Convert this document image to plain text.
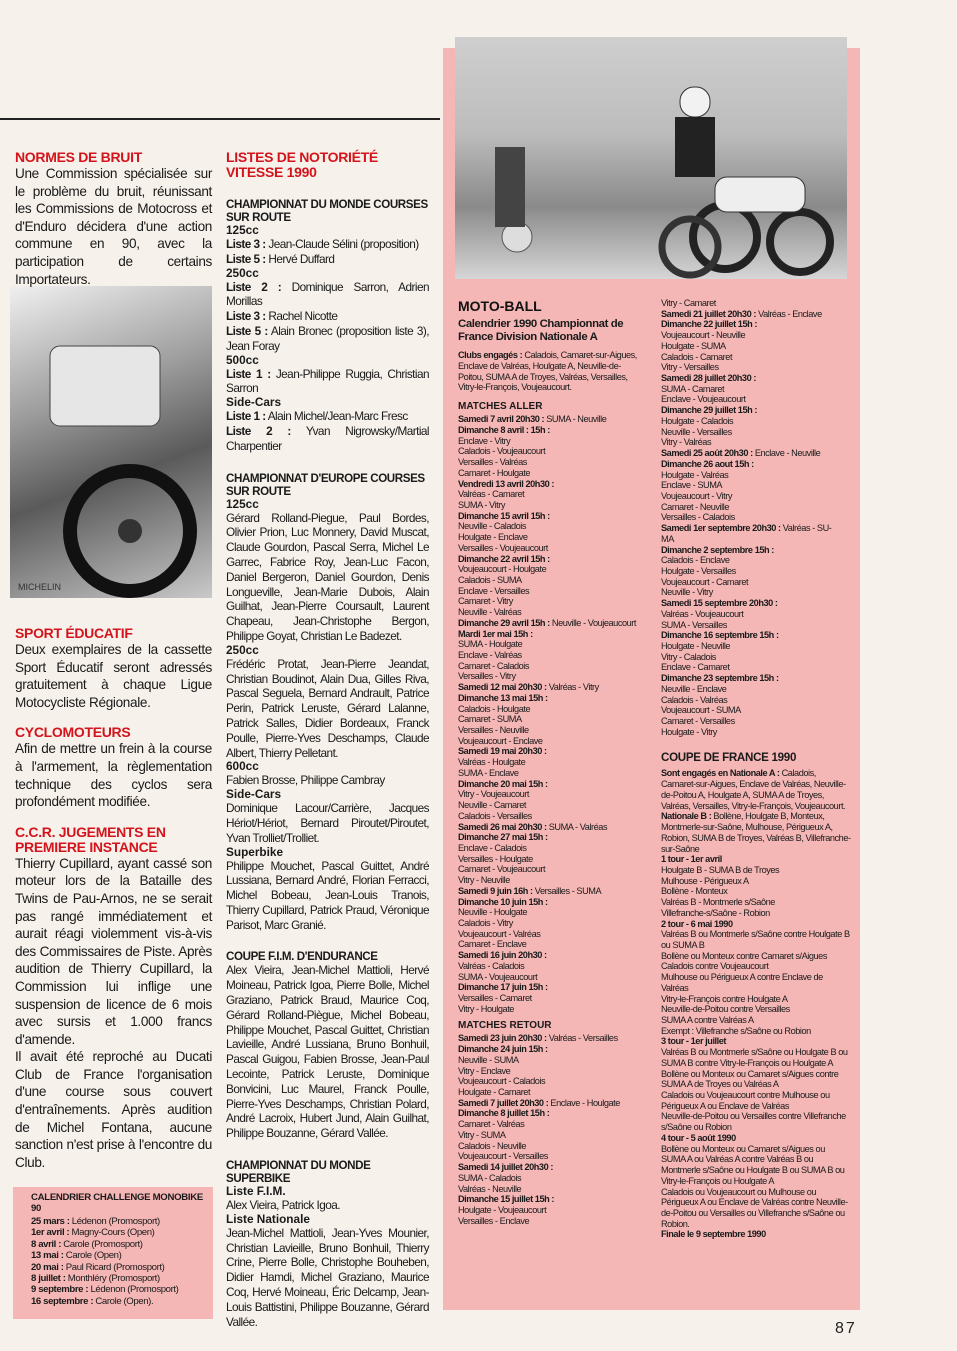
MICHELIN
NORMES DE BRUIT

Une Commission spécialisée sur le problème du bruit, réunissant les Commissions de Motocross et d'Enduro décidera d'une action commune en 90, avec la participation de certains Importateurs.

SPORT ÉDUCATIF

Deux exemplaires de la cassette Sport Éducatif seront adressés gratuitement à chaque Ligue Motocycliste Régionale.

CYCLOMOTEURS

Afin de mettre un frein à la course à l'armement, la règlementation technique des cyclos sera profondément modifiée.

C.C.R. JUGEMENTS EN PREMIERE INSTANCE

Thierry Cupillard, ayant cassé son moteur lors de la Bataille des Twins de Pau-Arnos, ne se serait pas rangé immédiatement et aurait réagi violemment vis-à-vis des Commissaires de Piste. Après audition de Thierry Cupillard, la Commission lui inflige une suspension de licence de 6 mois avec sursis et 1.000 francs d'amende.

Il avait été reproché au Ducati Club de France l'organisation d'une course sous couvert d'entraînements. Après audition de Michel Fontana, aucune sanction n'est prise à l'encontre du Club.

CALENDRIER CHALLENGE MONOBIKE 90
25 mars : Lédenon (Promosport)
1er avril : Magny-Cours (Open)
8 avril : Carole (Promosport)
13 mai : Carole (Open)
20 mai : Paul Ricard (Promosport)
8 juillet : Monthléry (Promosport)
9 septembre : Lédenon (Promosport)
16 septembre : Carole (Open).
LISTES DE NOTORIÉTÉ VITESSE 1990
CHAMPIONNAT DU MONDE COURSES SUR ROUTE

125cc

Liste 3 : Jean-Claude Sélini (proposition)

Liste 5 : Hervé Duffard

250cc

Liste 2 : Dominique Sarron, Adrien Morillas

Liste 3 : Rachel Nicotte

Liste 5 : Alain Bronec (proposition liste 3), Jean Foray

500cc

Liste 1 : Jean-Philippe Ruggia, Christian Sarron

Side-Cars

Liste 1 : Alain Michel/Jean-Marc Fresc

Liste 2 : Yvan Nigrowsky/Martial Charpentier

CHAMPIONNAT D'EUROPE COURSES SUR ROUTE

125cc

Gérard Rolland-Piegue, Paul Bordes, Olivier Prion, Luc Monnery, David Muscat, Claude Gourdon, Pascal Serra, Michel Le Garrec, Fabrice Roy, Jean-Luc Facon, Daniel Bergeron, Daniel Gourdon, Denis Longueville, Jean-Marie Dubois, Alain Guilhat, Jean-Pierre Coursault, Laurent Chapeau, Jean-Christophe Bergon, Philippe Goyat, Christian Le Badezet.

250cc

Frédéric Protat, Jean-Pierre Jeandat, Christian Boudinot, Alain Dua, Gilles Riva, Pascal Seguela, Bernard Andrault, Patrice Perin, Patrick Leruste, Gérard Lalanne, Patrick Salles, Didier Bordeaux, Franck Poulle, Pierre-Yves Deschamps, Claude Albert, Thierry Pelletant.

600cc

Fabien Brosse, Philippe Cambray

Side-Cars

Dominique Lacour/Carrière, Jacques Hériot/Hériot, Bernard Piroutet/Piroutet, Yvan Trolliet/Trolliet.

Superbike

Philippe Mouchet, Pascal Guittet, André Lussiana, Bernard André, Florian Ferracci, Michel Bobeau, Jean-Louis Tranois, Thierry Cupillard, Patrick Praud, Véronique Parisot, Marc Granié.

COUPE F.I.M. D'ENDURANCE

Alex Vieira, Jean-Michel Mattioli, Hervé Moineau, Patrick Igoa, Pierre Bolle, Michel Graziano, Patrick Braud, Maurice Coq, Gérard Rolland-Piègue, Michel Bobeau, Philippe Mouchet, Pascal Guittet, Christian Lavieille, André Lussiana, Bruno Bonhuil, Pascal Guigou, Fabien Brosse, Jean-Paul Lecointe, Patrick Leruste, Dominique Bonvicini, Luc Maurel, Franck Poulle, Pierre-Yves Deschamps, Christian Polard, André Lacroix, Hubert Jund, Alain Guilhat, Philippe Bouzanne, Gérard Vallée.

CHAMPIONNAT DU MONDE SUPERBIKE

Liste F.I.M.

Alex Vieira, Patrick Igoa.

Liste Nationale

Jean-Michel Mattioli, Jean-Yves Mounier, Christian Lavieille, Bruno Bonhuil, Thierry Crine, Pierre Bolle, Christophe Bouheben, Didier Hamdi, Michel Graziano, Maurice Coq, Hervé Moineau, Éric Delcamp, Jean-Louis Battistini, Philippe Bouzanne, Gérard Vallée.

MOTO-BALL

Calendrier 1990 Championnat de France Division Nationale A

Clubs engagés : Caladois, Camaret-sur-Aigues, Enclave de Valréas, Houlgate A, Neuville-de-Poitou, SUMA A de Troyes, Valréas, Versailles, Vitry-le-François, Voujeaucourt.

MATCHES ALLER

Samedi 7 avril 20h30 : SUMA - Neuville

Dimanche 8 avril : 15h :

Enclave - Vitry

Caladois - Voujeaucourt

Versailles - Valréas

Camaret - Houlgate

Vendredi 13 avril 20h30 :

Valréas - Camaret

SUMA - Vitry

Dimanche 15 avril 15h :

Neuville - Caladois

Houlgate - Enclave

Versailles - Voujeaucourt

Dimanche 22 avril 15h :

Voujeaucourt - Houlgate

Caladois - SUMA

Enclave - Versailles

Camaret - Vitry

Neuville - Valréas

Dimanche 29 avril 15h : Neuville - Voujeaucourt

Mardi 1er mai 15h :

SUMA - Houlgate

Enclave - Valréas

Camaret - Caladois

Versailles - Vitry

Samedi 12 mai 20h30 : Valréas - Vitry

Dimanche 13 mai 15h :

Caladois - Houlgate

Camaret - SUMA

Versailles - Neuville

Voujeaucourt - Enclave

Samedi 19 mai 20h30 :

Valréas - Houlgate

SUMA - Enclave

Dimanche 20 mai 15h :

Vitry - Voujeaucourt

Neuville - Camaret

Caladois - Versailles

Samedi 26 mai 20h30 : SUMA - Valréas

Dimanche 27 mai 15h :

Enclave - Caladois

Versailles - Houlgate

Camaret - Voujeaucourt

Vitry - Neuville

Samedi 9 juin 16h : Versailles - SUMA

Dimanche 10 juin 15h :

Neuville - Houlgate

Caladois - Vitry

Voujeaucourt - Valréas

Camaret - Enclave

Samedi 16 juin 20h30 :

Valréas - Caladois

SUMA - Voujeaucourt

Dimanche 17 juin 15h :

Versailles - Camaret

Vitry - Houlgate

MATCHES RETOUR

Samedi 23 juin 20h30 : Valréas - Versailles

Dimanche 24 juin 15h :

Neuville - SUMA

Vitry - Enclave

Voujeaucourt - Caladois

Houlgate - Camaret

Samedi 7 juillet 20h30 : Enclave - Houlgate

Dimanche 8 juillet 15h :

Camaret - Valréas

Vitry - SUMA

Caladois - Neuville

Voujeaucourt - Versailles

Samedi 14 juillet 20h30 :

SUMA - Caladois

Valréas - Neuville

Dimanche 15 juillet 15h :

Houlgate - Voujeaucourt

Versailles - Enclave

Vitry - Camaret

Samedi 21 juillet 20h30 : Valréas - Enclave

Dimanche 22 juillet 15h :

Voujeaucourt - Neuville

Houlgate - SUMA

Caladois - Camaret

Vitry - Versailles

Samedi 28 juillet 20h30 :

SUMA - Camaret

Enclave - Voujeaucourt

Dimanche 29 juillet 15h :

Houlgate - Caladois

Neuville - Versailles

Vitry - Valréas

Samedi 25 août 20h30 : Enclave - Neuville

Dimanche 26 aout 15h :

Houlgate - Valréas

Enclave - SUMA

Voujeaucourt - Vitry

Camaret - Neuville

Versailles - Caladois

Samedi 1er septembre 20h30 : Valréas - SU-

MA

Dimanche 2 septembre 15h :

Caladois - Enclave

Houlgate - Versailles

Voujeaucourt - Camaret

Neuville - Vitry

Samedi 15 septembre 20h30 :

Valréas - Voujeaucourt

SUMA - Versailles

Dimanche 16 septembre 15h :

Houlgate - Neuville

Vitry - Caladois

Enclave - Camaret

Dimanche 23 septembre 15h :

Neuville - Enclave

Caladois - Valréas

Voujeaucourt - SUMA

Camaret - Versailles

Houlgate - Vitry

COUPE DE FRANCE 1990

Sont engagés en Nationale A : Caladois, Camaret-sur-Aigues, Enclave de Valréas, Neuville-de-Poitou A, Houlgate A, SUMA A de Troyes, Valréas, Versailles, Vitry-le-François, Voujeaucourt.

Nationale B : Bollène, Houlgate B, Monteux, Montmerle-sur-Saône, Mulhouse, Périgueux A, Robion, SUMA B de Troyes, Valréas B, Villefranche-sur-Saône

1 tour - 1er avril

Houlgate B - SUMA B de Troyes

Mulhouse - Périgueux A

Bollène - Monteux

Valréas B - Montmerle s/Saône

Villefranche-s/Saône - Robion

2 tour - 6 mai 1990

Valréas B ou Montmerle s/Saône contre Houlgate B ou SUMA B

Bollène ou Monteux contre Camaret s/Aigues

Caladois contre Voujeaucourt

Mulhouse ou Périgueux A contre Enclave de Valréas

Vitry-le-François contre Houlgate A

Neuville-de-Poitou contre Versailles

SUMA A contre Valréas A

Exempt : Villefranche s/Saône ou Robion

3 tour - 1er juillet

Valréas B ou Montmerle s/Saône ou Houlgate B ou SUMA B contre Vitry-le-François ou Houlgate A

Bollène ou Monteux ou Camaret s/Aigues contre SUMA A de Troyes ou Valréas A

Caladois ou Voujeaucourt contre Mulhouse ou Périgueux A ou Enclave de Valréas

Neuville-de-Poitou ou Versailles contre Villefranche s/Saône ou Robion

4 tour - 5 août 1990

Bollène ou Monteux ou Camaret s/Aigues ou SUMA A ou Valréas A contre Valréas B ou Montmerle s/Saône ou Houlgate B ou SUMA B ou Vitry-le-François ou Houlgate A

Caladois ou Voujeaucourt ou Mulhouse ou Périgueux A ou Enclave de Valréas contre Neuville-de-Poitou ou Versailles ou Villefranche s/Saône ou Robion.

Finale le 9 septembre 1990

87
